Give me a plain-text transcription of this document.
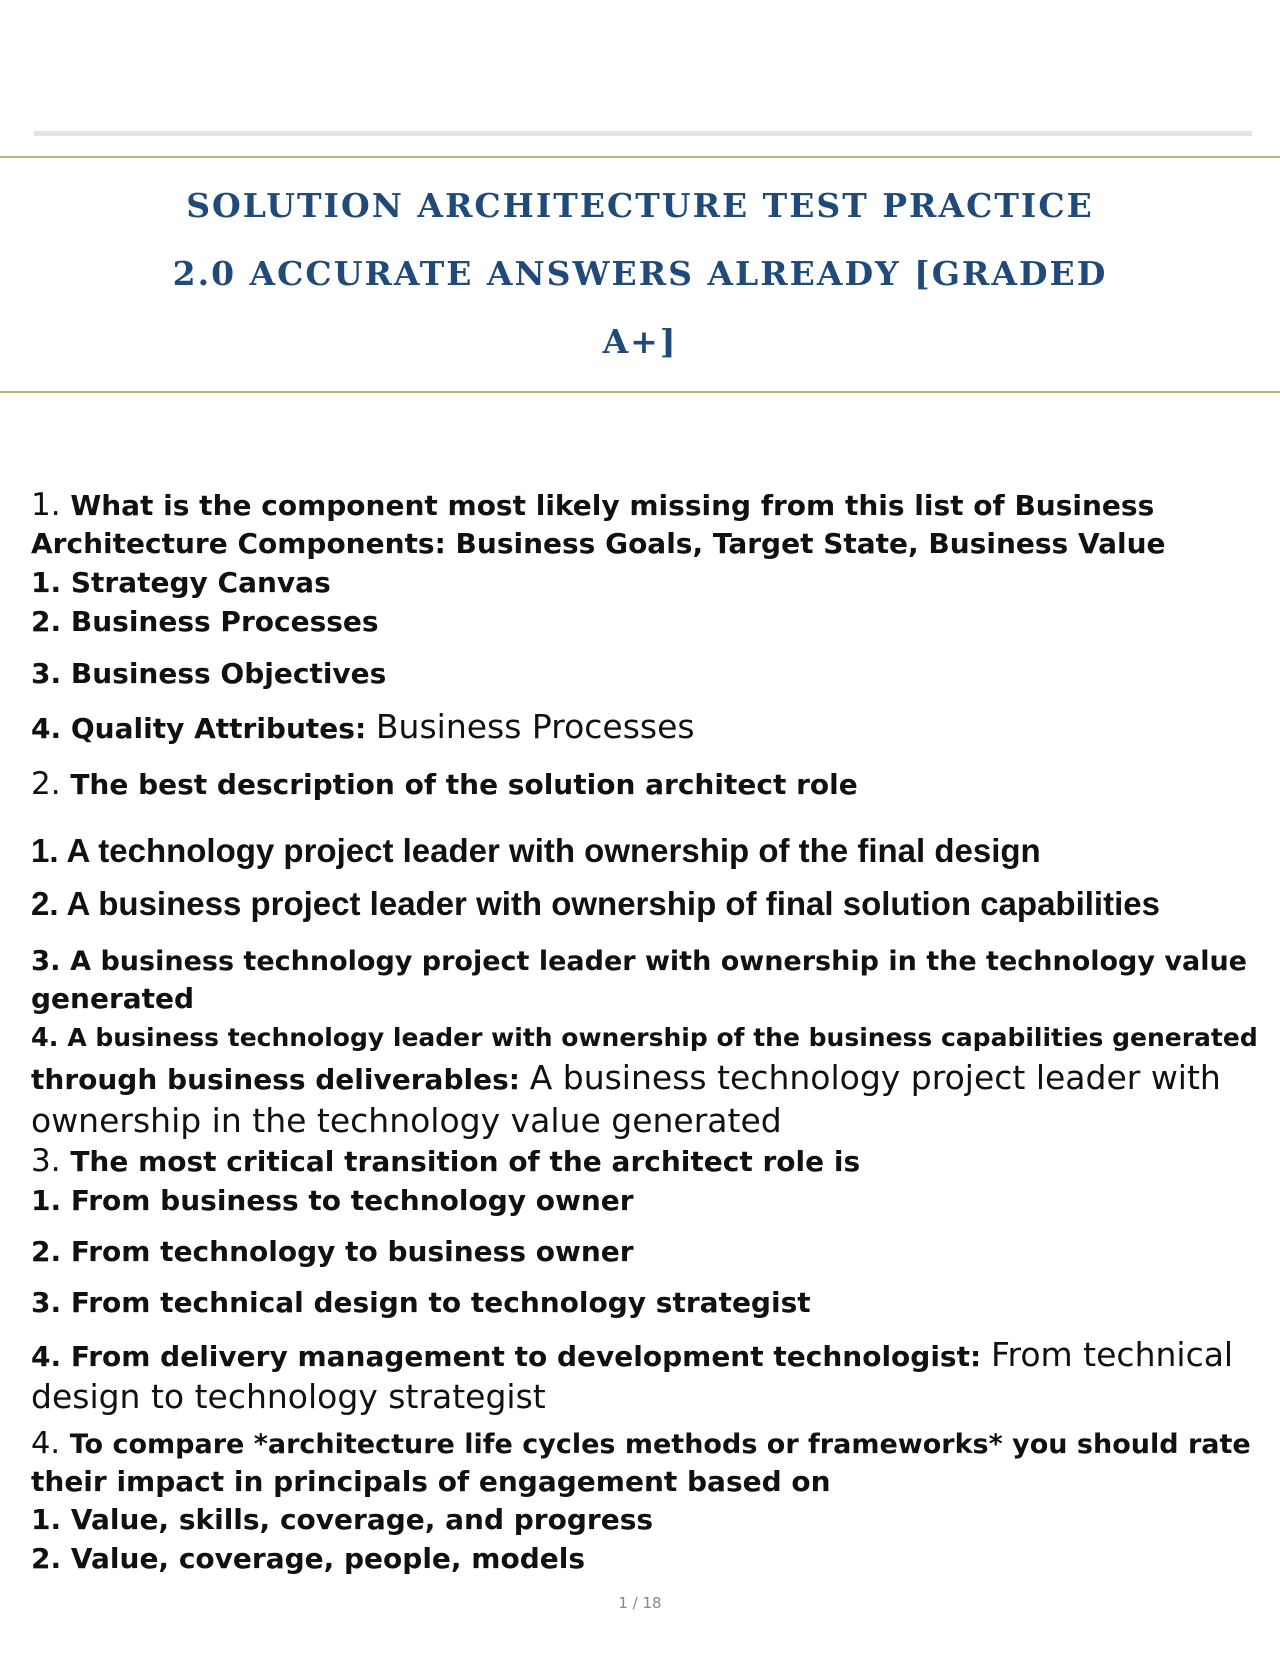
SOLUTION ARCHITECTURE TEST PRACTICE
2.0 ACCURATE ANSWERS ALREADY [GRADED
A+]
1. What is the component most likely missing from this list of Business
Architecture Components: Business Goals, Target State, Business Value
1. Strategy Canvas
2. Business Processes
3. Business Objectives
4. Quality Attributes: Business Processes
2. The best description of the solution architect role
1. A technology project leader with ownership of the final design
2. A business project leader with ownership of final solution capabilities
3. A business technology project leader with ownership in the technology value
generated
4. A business technology leader with ownership of the business capabilities generated
through business deliverables: A business technology project leader with
ownership in the technology value generated
3. The most critical transition of the architect role is
1. From business to technology owner
2. From technology to business owner
3. From technical design to technology strategist
4. From delivery management to development technologist: From technical
design to technology strategist
4. To compare *architecture life cycles methods or frameworks* you should rate
their impact in principals of engagement based on
1. Value, skills, coverage, and progress
2. Value, coverage, people, models
1 / 18
